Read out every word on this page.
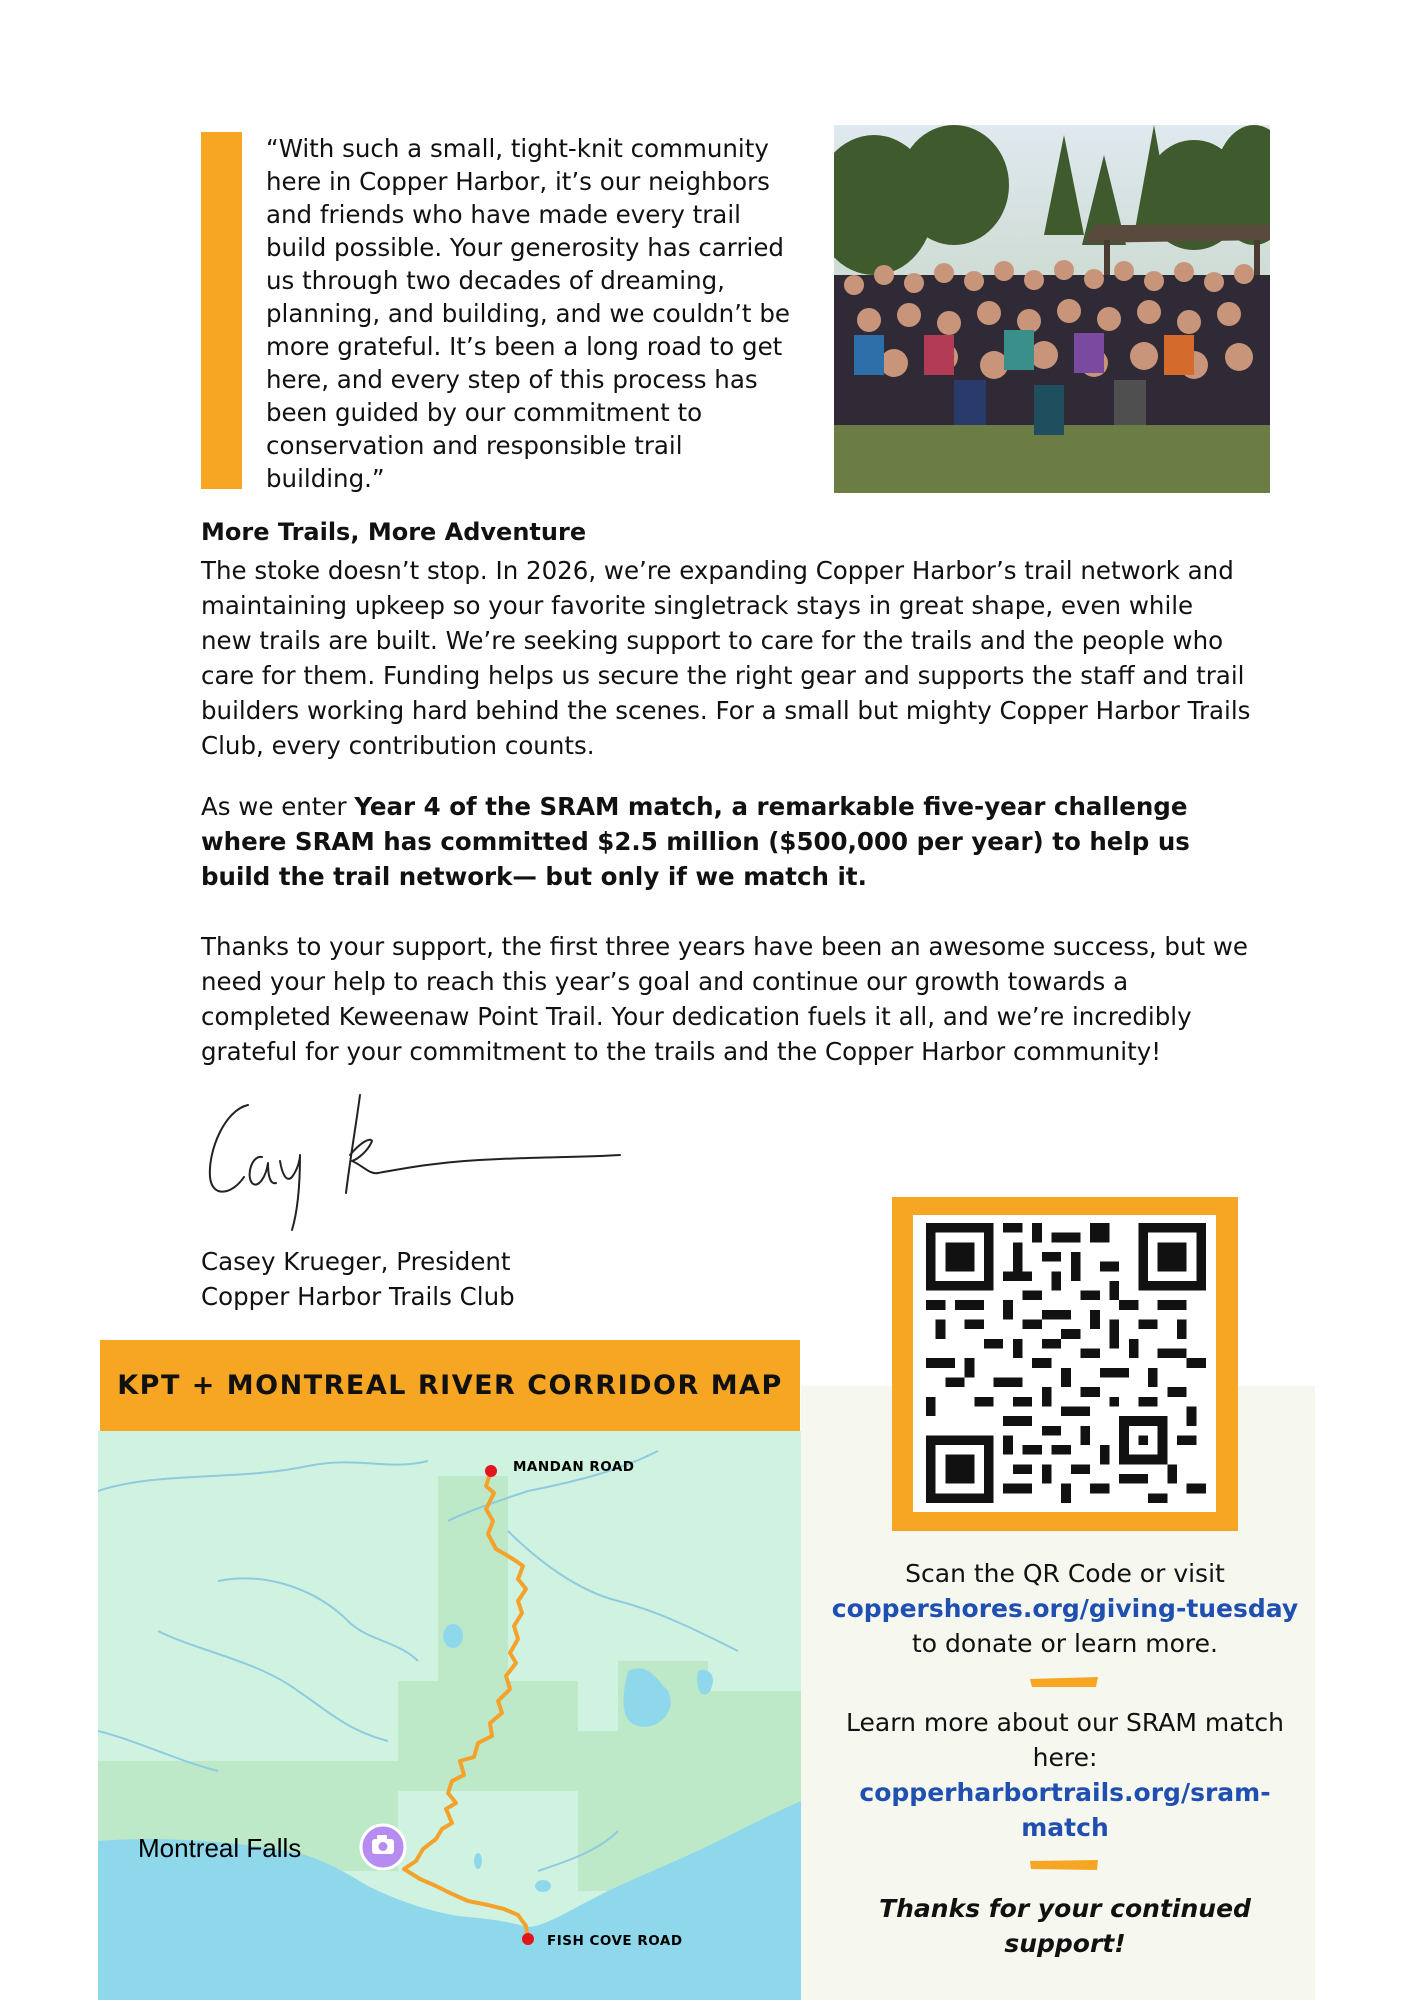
“With such a small, tight-knit community here in Copper Harbor, it’s our neighbors and friends who have made every trail build possible. Your generosity has carried us through two decades of dreaming, planning, and building, and we couldn’t be more grateful. It’s been a long road to get here, and every step of this process has been guided by our commitment to conservation and responsible trail building.”
More Trails, More Adventure
The stoke doesn’t stop. In 2026, we’re expanding Copper Harbor’s trail network and maintaining upkeep so your favorite singletrack stays in great shape, even while new trails are built. We’re seeking support to care for the trails and the people who care for them. Funding helps us secure the right gear and supports the staff and trail builders working hard behind the scenes. For a small but mighty Copper Harbor Trails Club, every contribution counts.
As we enter Year 4 of the SRAM match, a remarkable five-year challenge where SRAM has committed $2.5 million ($500,000 per year) to help us build the trail network— but only if we match it.
Thanks to your support, the first three years have been an awesome success, but we need your help to reach this year’s goal and continue our growth towards a completed Keweenaw Point Trail. Your dedication fuels it all, and we’re incredibly grateful for your commitment to the trails and the Copper Harbor community!
Casey Krueger, President
Copper Harbor Trails Club
KPT + MONTREAL RIVER CORRIDOR MAP
MANDAN ROAD
FISH COVE ROAD
Montreal Falls
Scan the QR Code or visit
coppershores.org/giving-tuesday
to donate or learn more.
Learn more about our SRAM match here:
copperharbortrails.org/sram-match
Thanks for your continued support!
